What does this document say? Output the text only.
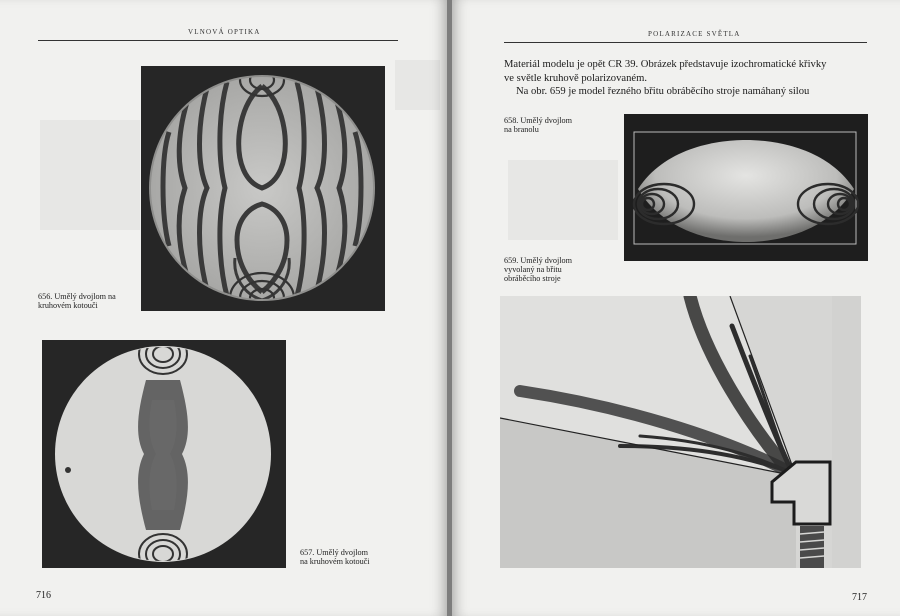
VLNOVÁ OPTIKA
656. Umělý dvojlom na
kruhovém kotouči
657. Umělý dvojlom
na kruhovém kotouči
716
POLARIZACE SVĚTLA

Materiál modelu je opět CR 39. Obrázek představuje izochromatické křivky

ve světle kruhově polarizovaném.

Na obr. 659 je model řezného břitu obráběcího stroje namáhaný silou

658. Umělý dvojlom
na branolu
659. Umělý dvojlom
vyvolaný na břitu
obráběcího stroje
717
